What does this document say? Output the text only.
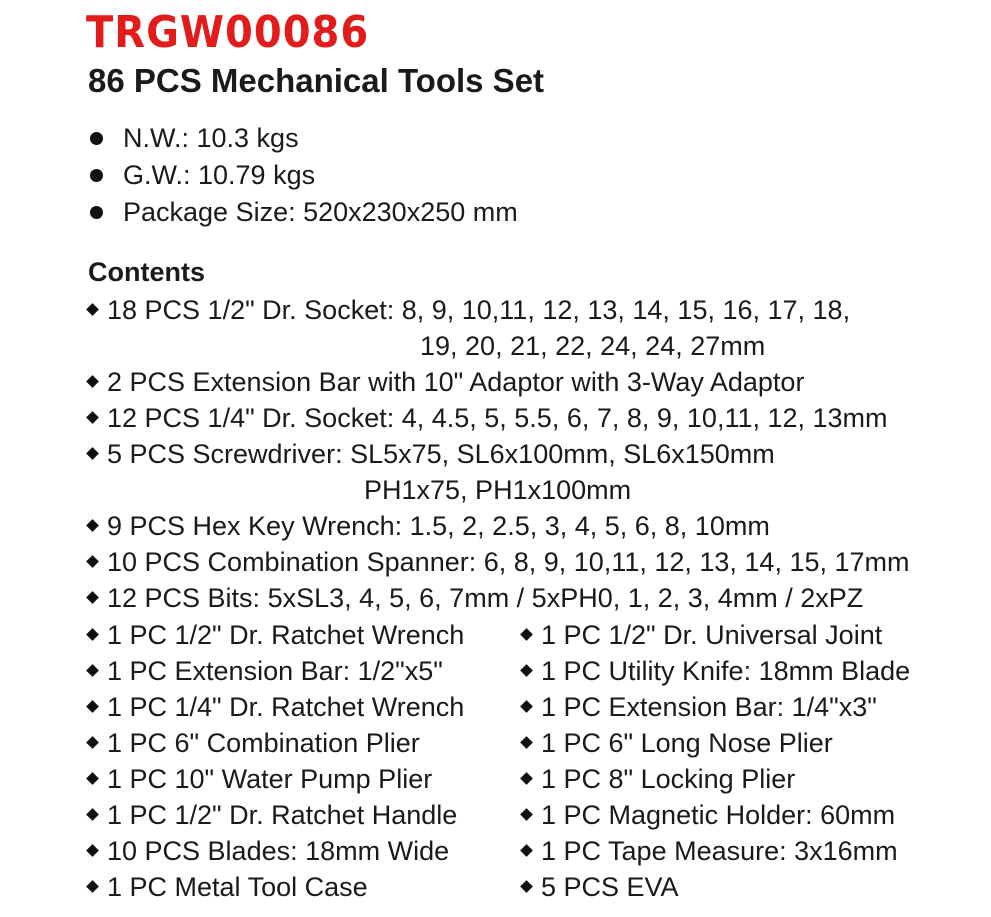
TRGW00086
86 PCS Mechanical Tools Set
N.W.: 10.3 kgs
G.W.: 10.79 kgs
Package Size: 520x230x250 mm
Contents
18 PCS 1/2" Dr. Socket: 8, 9, 10,11, 12, 13, 14, 15, 16, 17, 18,
19, 20, 21, 22, 24, 24, 27mm
2 PCS Extension Bar with 10" Adaptor with 3-Way Adaptor
12 PCS 1/4" Dr. Socket: 4, 4.5, 5, 5.5, 6, 7, 8, 9, 10,11, 12, 13mm
5 PCS Screwdriver: SL5x75, SL6x100mm, SL6x150mm
PH1x75, PH1x100mm
9 PCS Hex Key Wrench: 1.5, 2, 2.5, 3, 4, 5, 6, 8, 10mm
10 PCS Combination Spanner: 6, 8, 9, 10,11, 12, 13, 14, 15, 17mm
12 PCS Bits: 5xSL3, 4, 5, 6, 7mm / 5xPH0, 1, 2, 3, 4mm / 2xPZ
1 PC 1/2" Dr. Ratchet Wrench
1 PC Extension Bar: 1/2"x5"
1 PC 1/4" Dr. Ratchet Wrench
1 PC 6" Combination Plier
1 PC 10" Water Pump Plier
1 PC 1/2" Dr. Ratchet Handle
10 PCS Blades: 18mm Wide
1 PC Metal Tool Case
1 PC 1/2" Dr. Universal Joint
1 PC Utility Knife: 18mm Blade
1 PC Extension Bar: 1/4"x3"
1 PC 6" Long Nose Plier
1 PC 8" Locking Plier
1 PC Magnetic Holder: 60mm
1 PC Tape Measure: 3x16mm
5 PCS EVA
